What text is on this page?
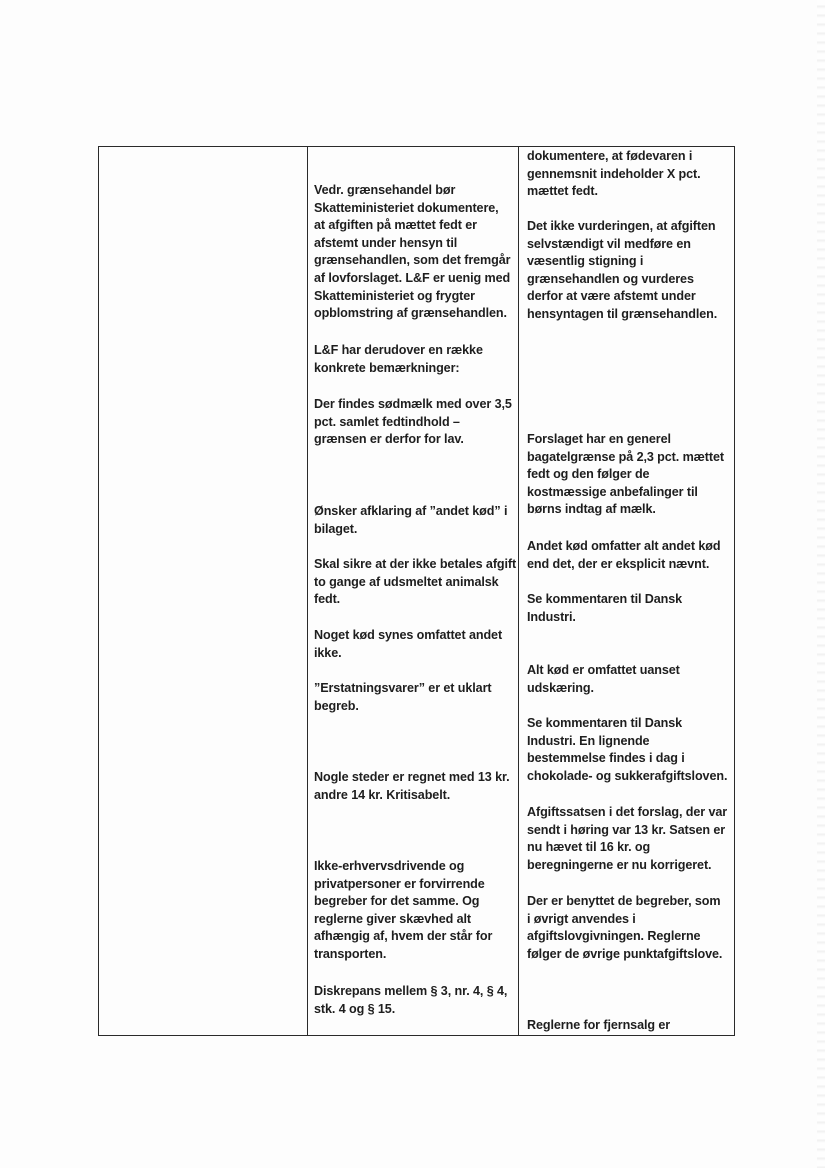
Vedr. grænsehandel bør
Skatteministeriet dokumentere,
at afgiften på mættet fedt er
afstemt under hensyn til
grænsehandlen, som det fremgår
af lovforslaget. L&F er uenig med
Skatteministeriet og frygter
opblomstring af grænsehandlen.
L&F har derudover en række
konkrete bemærkninger:
Der findes sødmælk med over 3,5
pct. samlet fedtindhold –
grænsen er derfor for lav.
Ønsker afklaring af ”andet kød” i
bilaget.
Skal sikre at der ikke betales afgift
to gange af udsmeltet animalsk
fedt.
Noget kød synes omfattet andet
ikke.
”Erstatningsvarer” er et uklart
begreb.
Nogle steder er regnet med 13 kr.
andre 14 kr. Kritisabelt.
Ikke-erhvervsdrivende og
privatpersoner er forvirrende
begreber for det samme. Og
reglerne giver skævhed alt
afhængig af, hvem der står for
transporten.
Diskrepans mellem § 3, nr. 4, § 4,
stk. 4 og § 15.
dokumentere, at fødevaren i
gennemsnit indeholder X pct.
mættet fedt.
Det ikke vurderingen, at afgiften
selvstændigt vil medføre en
væsentlig stigning i
grænsehandlen og vurderes
derfor at være afstemt under
hensyntagen til grænsehandlen.
Forslaget har en generel
bagatelgrænse på 2,3 pct. mættet
fedt og den følger de
kostmæssige anbefalinger til
børns indtag af mælk.
Andet kød omfatter alt andet kød
end det, der er eksplicit nævnt.
Se kommentaren til Dansk
Industri.
Alt kød er omfattet uanset
udskæring.
Se kommentaren til Dansk
Industri. En lignende
bestemmelse findes i dag i
chokolade- og sukkerafgiftsloven.
Afgiftssatsen i det forslag, der var
sendt i høring var 13 kr. Satsen er
nu hævet til 16 kr. og
beregningerne er nu korrigeret.
Der er benyttet de begreber, som
i øvrigt anvendes i
afgiftslovgivningen. Reglerne
følger de øvrige punktafgiftslove.
Reglerne for fjernsalg er
